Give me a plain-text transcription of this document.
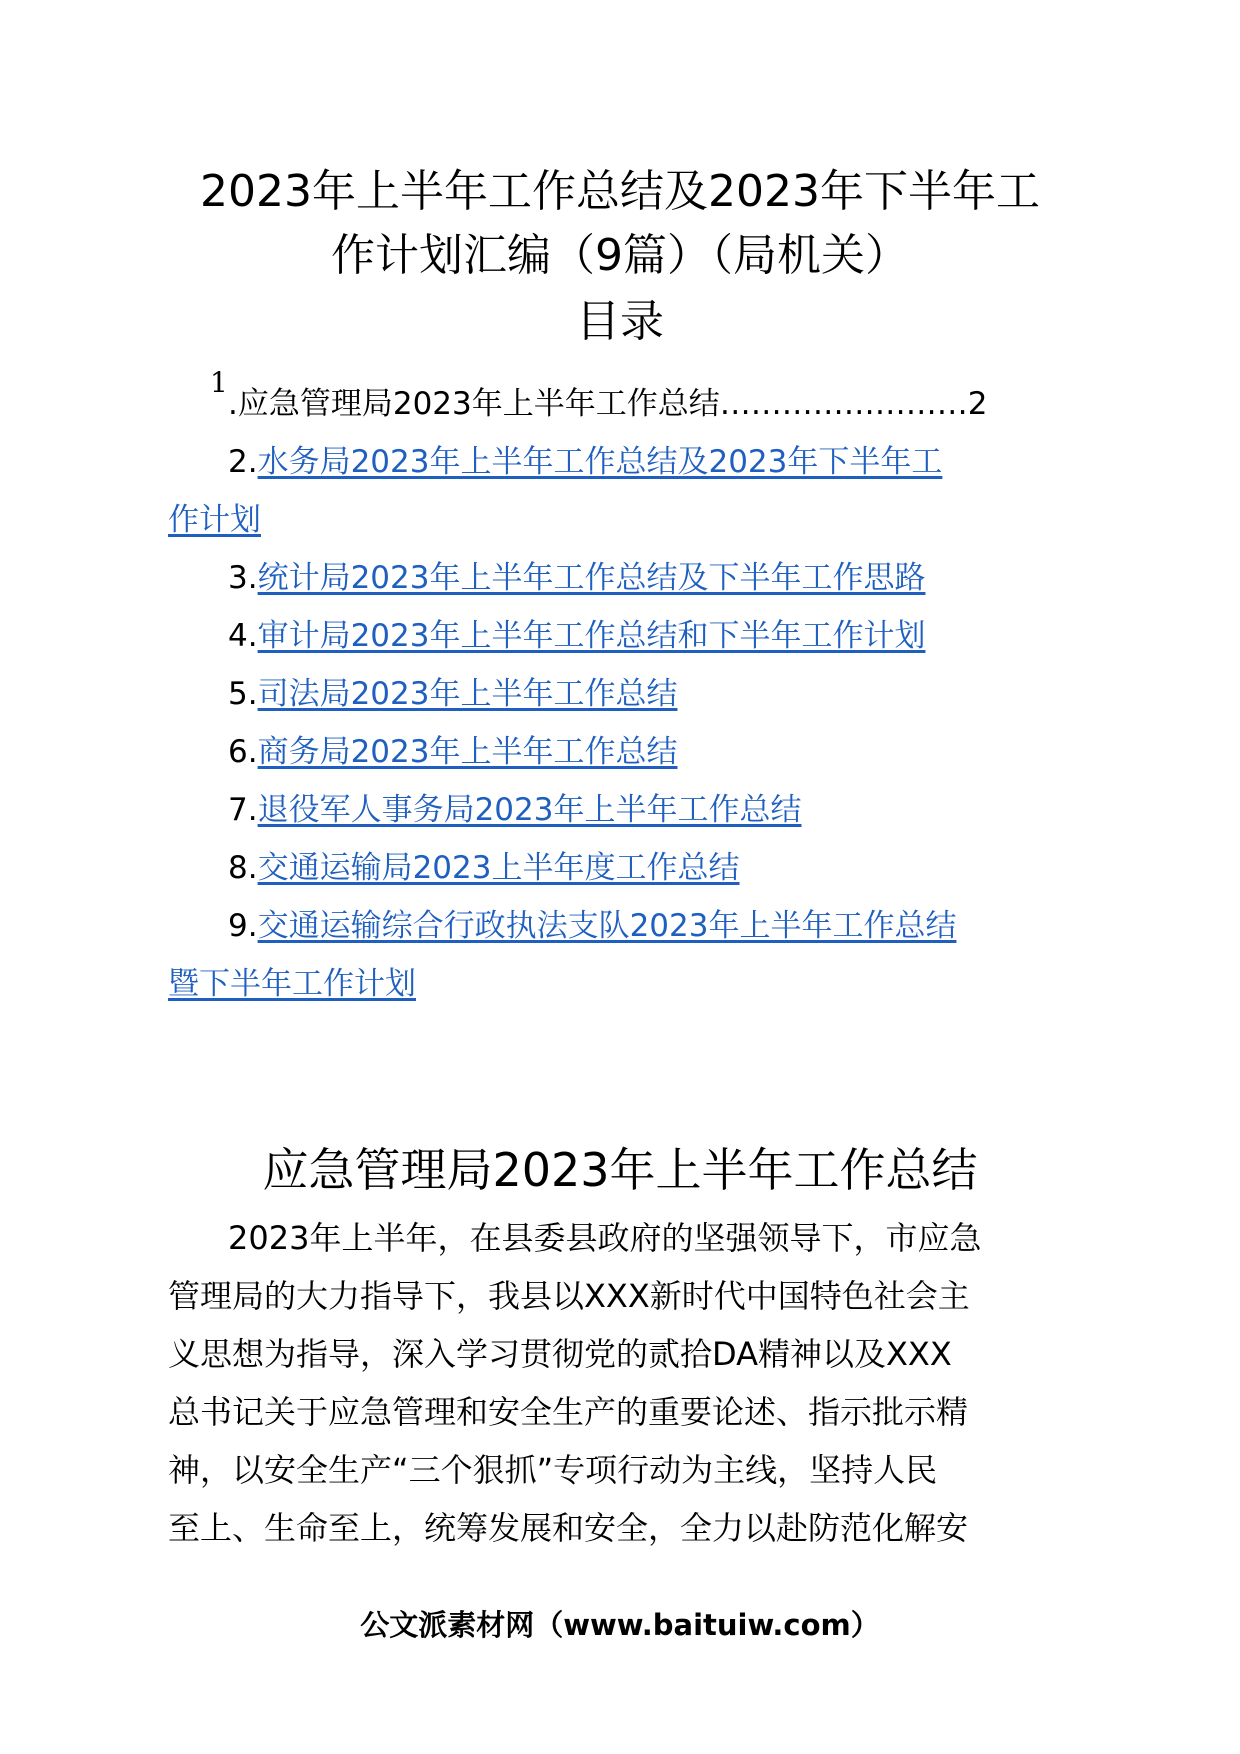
2023年上半年工作总结及2023年下半年工
作计划汇编（9篇）（局机关）
目录
1
.应急管理局2023年上半年工作总结……………………2
2.水务局2023年上半年工作总结及2023年下半年工
作计划
3.统计局2023年上半年工作总结及下半年工作思路
4.审计局2023年上半年工作总结和下半年工作计划
5.司法局2023年上半年工作总结
6.商务局2023年上半年工作总结
7.退役军人事务局2023年上半年工作总结
8.交通运输局2023上半年度工作总结
9.交通运输综合行政执法支队2023年上半年工作总结
暨下半年工作计划
应急管理局2023年上半年工作总结
2023年上半年，在县委县政府的坚强领导下，市应急
管理局的大力指导下，我县以XXX新时代中国特色社会主
义思想为指导，深入学习贯彻党的贰拾DA精神以及XXX
总书记关于应急管理和安全生产的重要论述、指示批示精
神，以安全生产“三个狠抓”专项行动为主线，坚持人民
至上、生命至上，统筹发展和安全，全力以赴防范化解安
公文派素材网（www.baituiw.com）
